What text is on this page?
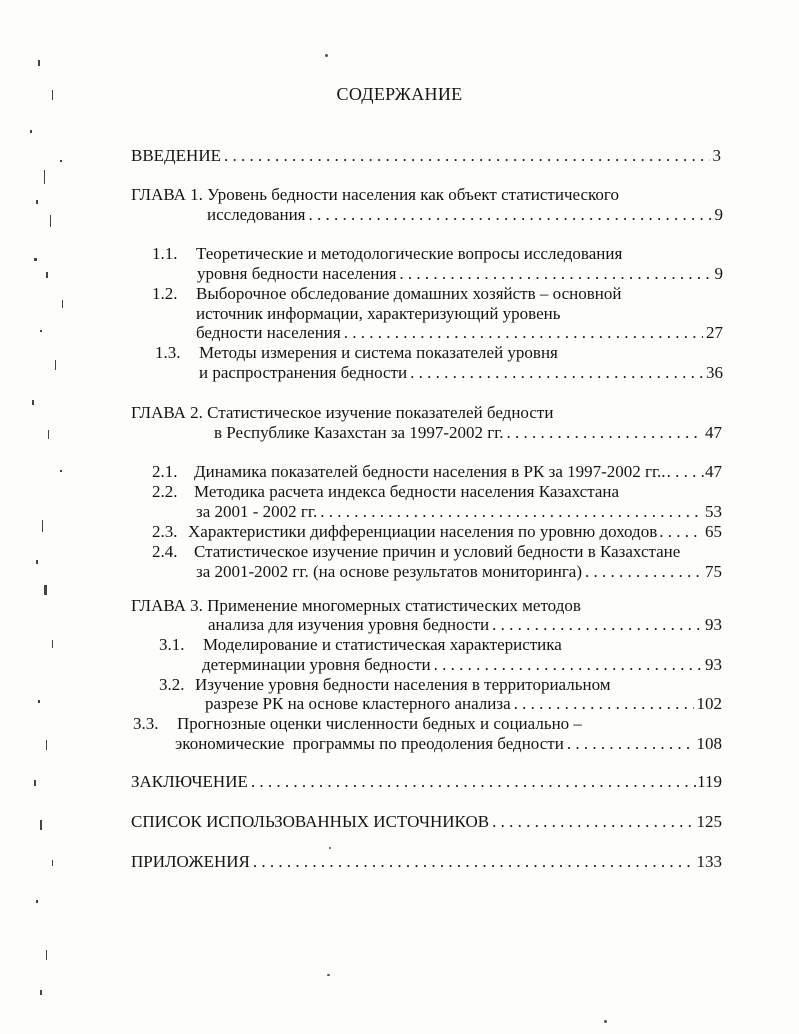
СОДЕРЖАНИЕ
ВВЕДЕНИЕ . . .	3
ГЛАВА 1. Уровень бедности населения как объект статистического
исследования . . .	9
1.1. Теоретические и методологические вопросы исследования
уровня бедности населения . . .	9
1.2. Выборочное обследование домашних хозяйств – основной
источник информации, характеризующий уровень
бедности населения . . .	27
1.3. Методы измерения и система показателей уровня
и распространения бедности . . .	36
ГЛАВА 2. Статистическое изучение показателей бедности
в Республике Казахстан за 1997-2002 гг. . . .	47
2.1. Динамика показателей бедности населения в РК за 1997-2002 гг.. . . . 47
2.2. Методика расчета индекса бедности населения Казахстана
за 2001 - 2002 гг. . . .	53
2.3. Характеристики дифференциации населения по уровню доходов . . .	65
2.4. Статистическое изучение причин и условий бедности в Казахстане
за 2001-2002 гг. (на основе результатов мониторинга) . . .	75
ГЛАВА 3. Применение многомерных статистических методов
анализа для изучения уровня бедности . . .	93
3.1. Моделирование и статистическая характеристика
детерминации уровня бедности . . .	93
3.2. Изучение уровня бедности населения в территориальном
разрезе РК на основе кластерного анализа . . .	102
3.3. Прогнозные оценки численности бедных и социально –
экономические  программы по преодоления бедности . . .	108
ЗАКЛЮЧЕНИЕ . . .	119
СПИСОК ИСПОЛЬЗОВАННЫХ ИСТОЧНИКОВ . . .	125
ПРИЛОЖЕНИЯ . . .	133
